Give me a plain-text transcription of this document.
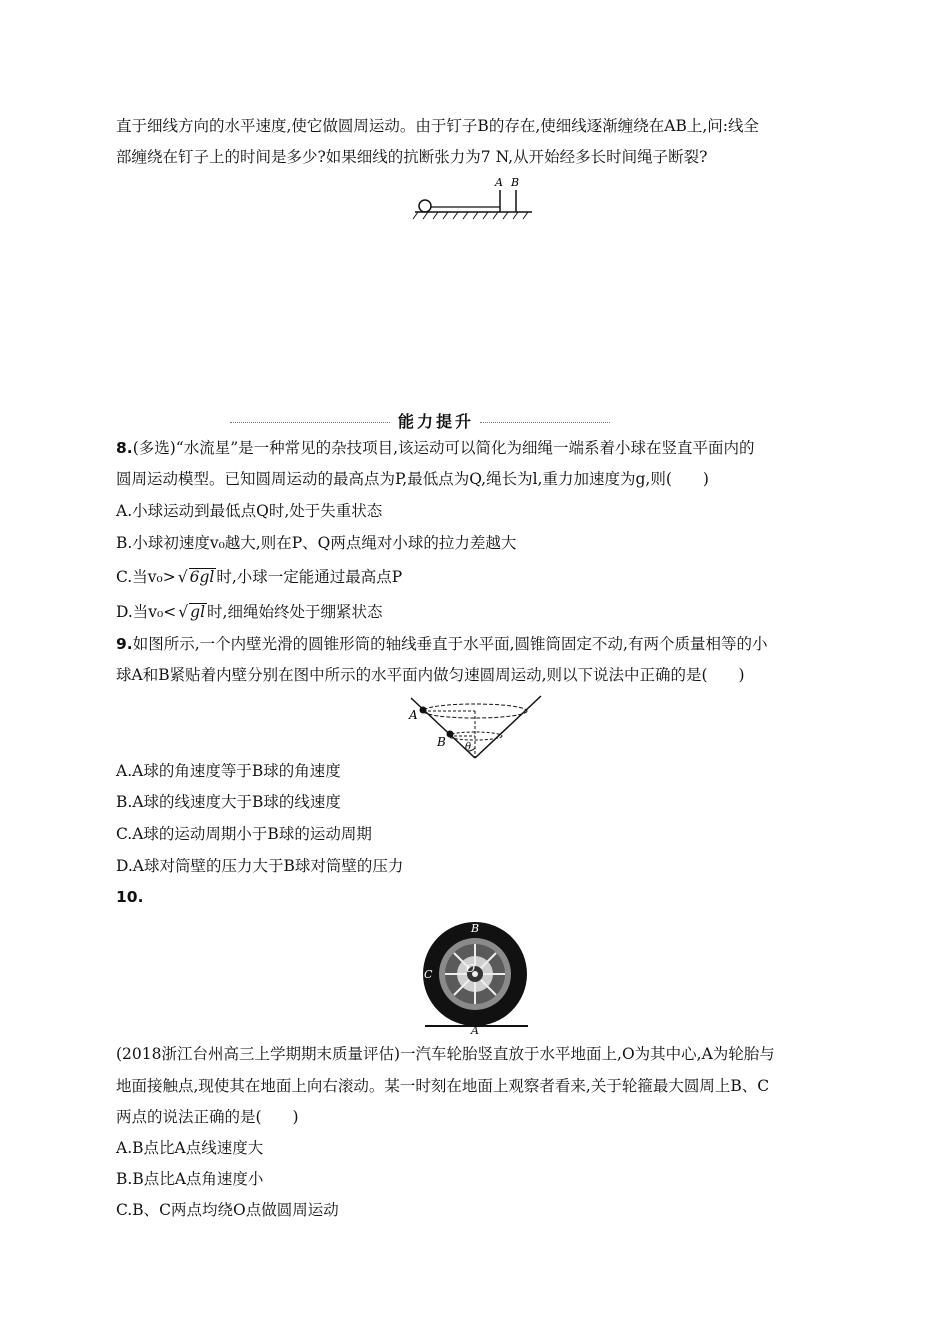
直于细线方向的水平速度,使它做圆周运动。由于钉子B的存在,使细线逐渐缠绕在AB上,问:线全
部缠绕在钉子上的时间是多少?如果细线的抗断张力为7 N,从开始经多长时间绳子断裂?
A B
能力提升
8.(多选)“水流星”是一种常见的杂技项目,该运动可以简化为细绳一端系着小球在竖直平面内的
圆周运动模型。已知圆周运动的最高点为P,最低点为Q,绳长为l,重力加速度为g,则(　　)
A.小球运动到最低点Q时,处于失重状态
B.小球初速度v₀越大,则在P、Q两点绳对小球的拉力差越大
C.当v₀> √ 6gl 时,小球一定能通过最高点P
D.当v₀< √ gl 时,细绳始终处于绷紧状态
9.如图所示,一个内壁光滑的圆锥形筒的轴线垂直于水平面,圆锥筒固定不动,有两个质量相等的小
球A和B紧贴着内壁分别在图中所示的水平面内做匀速圆周运动,则以下说法中正确的是(　　)
A
B θ
A.A球的角速度等于B球的角速度
B.A球的线速度大于B球的线速度
C.A球的运动周期小于B球的运动周期
D.A球对筒壁的压力大于B球对筒壁的压力
10.
B
C	O
A
(2018浙江台州高三上学期期末质量评估)一汽车轮胎竖直放于水平地面上,O为其中心,A为轮胎与
地面接触点,现使其在地面上向右滚动。某一时刻在地面上观察者看来,关于轮箍最大圆周上B、C
两点的说法正确的是(　　)
A.B点比A点线速度大
B.B点比A点角速度小
C.B、C两点均绕O点做圆周运动
